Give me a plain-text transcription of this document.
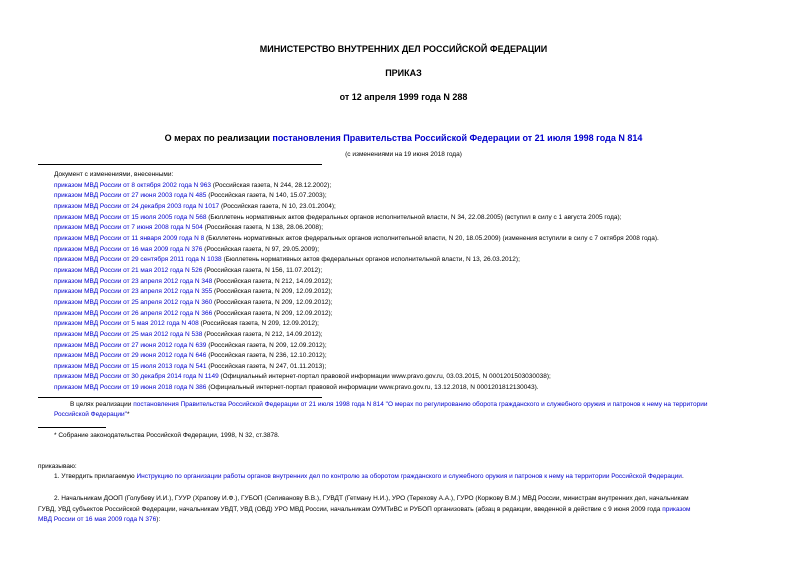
МИНИСТЕРСТВО ВНУТРЕННИХ ДЕЛ РОССИЙСКОЙ ФЕДЕРАЦИИ
ПРИКАЗ
от 12 апреля 1999 года N 288
О мерах по реализации постановления Правительства Российской Федерации от 21 июля 1998 года N 814
(с изменениями на 19 июня 2018 года)
Документ с изменениями, внесенными:
приказом МВД России от 8 октября 2002 года N 963 (Российская газета, N 244, 28.12.2002);
приказом МВД России от 27 июня 2003 года N 485 (Российская газета, N 140, 15.07.2003);
приказом МВД России от 24 декабря 2003 года N 1017 (Российская газета, N 10, 23.01.2004);
приказом МВД России от 15 июля 2005 года N 568 (Бюллетень нормативных актов федеральных органов исполнительной власти, N 34, 22.08.2005) (вступил в силу с 1 августа 2005 года);
приказом МВД России от 7 июня 2008 года N 504 (Российская газета, N 138, 28.06.2008);
приказом МВД России от 11 января 2009 года N 8 (Бюллетень нормативных актов федеральных органов исполнительной власти, N 20, 18.05.2009) (изменения вступили в силу с 7 октября 2008 года).
приказом МВД России от 16 мая 2009 года N 376 (Российская газета, N 97, 29.05.2009);
приказом МВД России от 29 сентября 2011 года N 1038 (Бюллетень нормативных актов федеральных органов исполнительной власти, N 13, 26.03.2012);
приказом МВД России от 21 мая 2012 года N 526 (Российская газета, N 156, 11.07.2012);
приказом МВД России от 23 апреля 2012 года N 348 (Российская газета, N 212, 14.09.2012);
приказом МВД России от 23 апреля 2012 года N 355 (Российская газета, N 209, 12.09.2012);
приказом МВД России от 25 апреля 2012 года N 360 (Российская газета, N 209, 12.09.2012);
приказом МВД России от 26 апреля 2012 года N 366 (Российская газета, N 209, 12.09.2012);
приказом МВД России от 5 мая 2012 года N 408 (Российская газета, N 209, 12.09.2012);
приказом МВД России от 25 мая 2012 года N 538 (Российская газета, N 212, 14.09.2012);
приказом МВД России от 27 июня 2012 года N 639 (Российская газета, N 209, 12.09.2012);
приказом МВД России от 29 июня 2012 года N 646 (Российская газета, N 236, 12.10.2012);
приказом МВД России от 15 июля 2013 года N 541 (Российская газета, N 247, 01.11.2013);
приказом МВД России от 30 декабря 2014 года N 1149 (Официальный интернет-портал правовой информации www.pravo.gov.ru, 03.03.2015, N 0001201503030038);
приказом МВД России от 19 июня 2018 года N 386 (Официальный интернет-портал правовой информации www.pravo.gov.ru, 13.12.2018, N 0001201812130043).
В целях реализации постановления Правительства Российской Федерации от 21 июля 1998 года N 814 "О мерах по регулированию оборота гражданского и служебного оружия и патронов к нему на территории
Российской Федерации"*
* Собрание законодательства Российской Федерации, 1998, N 32, ст.3878.
приказываю:
1. Утвердить прилагаемую Инструкцию по организации работы органов внутренних дел по контролю за оборотом гражданского и служебного оружия и патронов к нему на территории Российской Федерации.
2. Начальникам ДООП (Голубеву И.И.), ГУУР (Храпову И.Ф.), ГУБОП (Селиванову В.В.), ГУВДТ (Гетману Н.И.), УРО (Терехову А.А.), ГУРО (Коржову В.М.) МВД России, министрам внутренних дел, начальникам
ГУВД, УВД субъектов Российской Федерации, начальникам УВДТ, УВД (ОВД) УРО МВД России, начальникам ОУМТиВС и РУБОП организовать (абзац в редакции, введенной в действие с 9 июня 2009 года приказом
МВД России от 16 мая 2009 года N 376):
